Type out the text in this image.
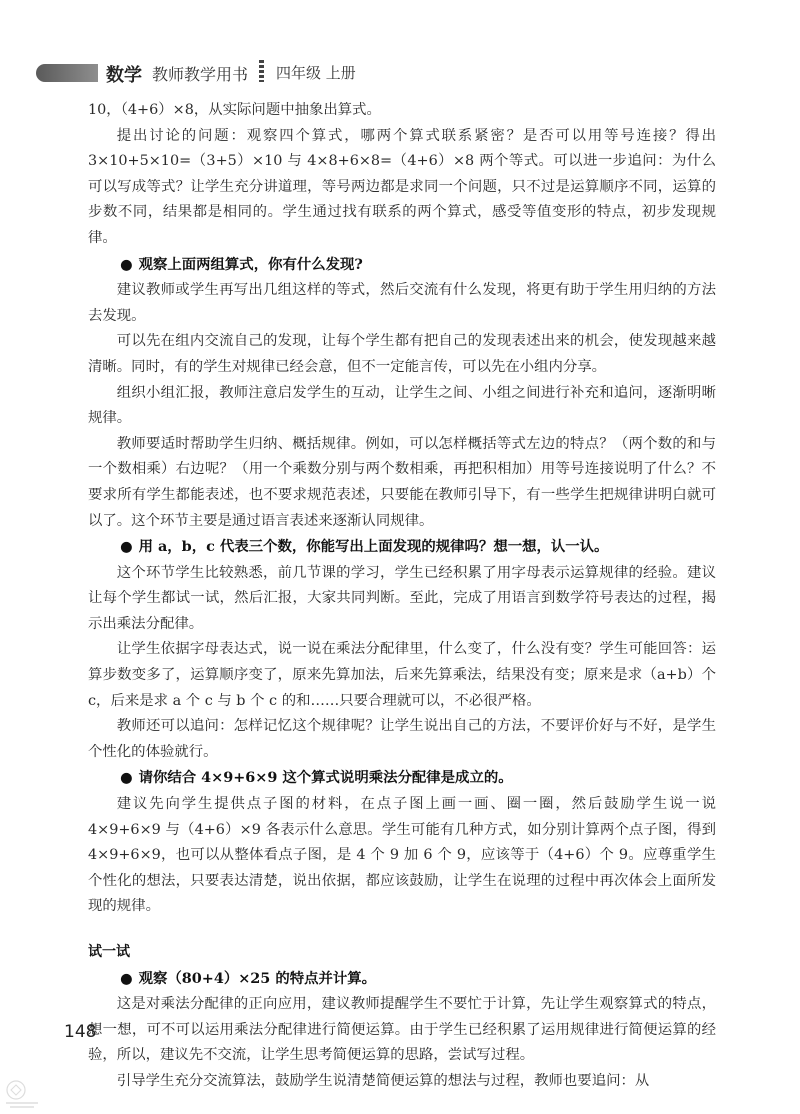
数学 教师教学用书 四年级 上册

10，（4+6）×8，从实际问题中抽象出算式。

提出讨论的问题：观察四个算式，哪两个算式联系紧密？是否可以用等号连接？得出3×10+5×10=（3+5）×10 与 4×8+6×8=（4+6）×8 两个等式。可以进一步追问：为什么可以写成等式？让学生充分讲道理，等号两边都是求同一个问题，只不过是运算顺序不同，运算的步数不同，结果都是相同的。学生通过找有联系的两个算式，感受等值变形的特点，初步发现规律。

● 观察上面两组算式，你有什么发现?

建议教师或学生再写出几组这样的等式，然后交流有什么发现，将更有助于学生用归纳的方法去发现。

可以先在组内交流自己的发现，让每个学生都有把自己的发现表述出来的机会，使发现越来越清晰。同时，有的学生对规律已经会意，但不一定能言传，可以先在小组内分享。

组织小组汇报，教师注意启发学生的互动，让学生之间、小组之间进行补充和追问，逐渐明晰规律。

教师要适时帮助学生归纳、概括规律。例如，可以怎样概括等式左边的特点？（两个数的和与一个数相乘）右边呢？（用一个乘数分别与两个数相乘，再把积相加）用等号连接说明了什么？不要求所有学生都能表述，也不要求规范表述，只要能在教师引导下，有一些学生把规律讲明白就可以了。这个环节主要是通过语言表述来逐渐认同规律。

● 用 a，b，c 代表三个数，你能写出上面发现的规律吗？想一想，认一认。

这个环节学生比较熟悉，前几节课的学习，学生已经积累了用字母表示运算规律的经验。建议让每个学生都试一试，然后汇报，大家共同判断。至此，完成了用语言到数学符号表达的过程，揭示出乘法分配律。

让学生依据字母表达式，说一说在乘法分配律里，什么变了，什么没有变？学生可能回答：运算步数变多了，运算顺序变了，原来先算加法，后来先算乘法，结果没有变；原来是求（a+b）个 c，后来是求 a 个 c 与 b 个 c 的和……只要合理就可以，不必很严格。

教师还可以追问：怎样记忆这个规律呢？让学生说出自己的方法，不要评价好与不好，是学生个性化的体验就行。

● 请你结合 4×9+6×9 这个算式说明乘法分配律是成立的。

建议先向学生提供点子图的材料，在点子图上画一画、圈一圈，然后鼓励学生说一说4×9+6×9 与（4+6）×9 各表示什么意思。学生可能有几种方式，如分别计算两个点子图，得到 4×9+6×9，也可以从整体看点子图，是 4 个 9 加 6 个 9，应该等于（4+6）个 9。应尊重学生个性化的想法，只要表达清楚，说出依据，都应该鼓励，让学生在说理的过程中再次体会上面所发现的规律。

试一试

● 观察（80+4）×25 的特点并计算。

这是对乘法分配律的正向应用，建议教师提醒学生不要忙于计算，先让学生观察算式的特点，想一想，可不可以运用乘法分配律进行简便运算。由于学生已经积累了运用规律进行简便运算的经验，所以，建议先不交流，让学生思考简便运算的思路，尝试写过程。

引导学生充分交流算法，鼓励学生说清楚简便运算的想法与过程，教师也要追问：从

148
